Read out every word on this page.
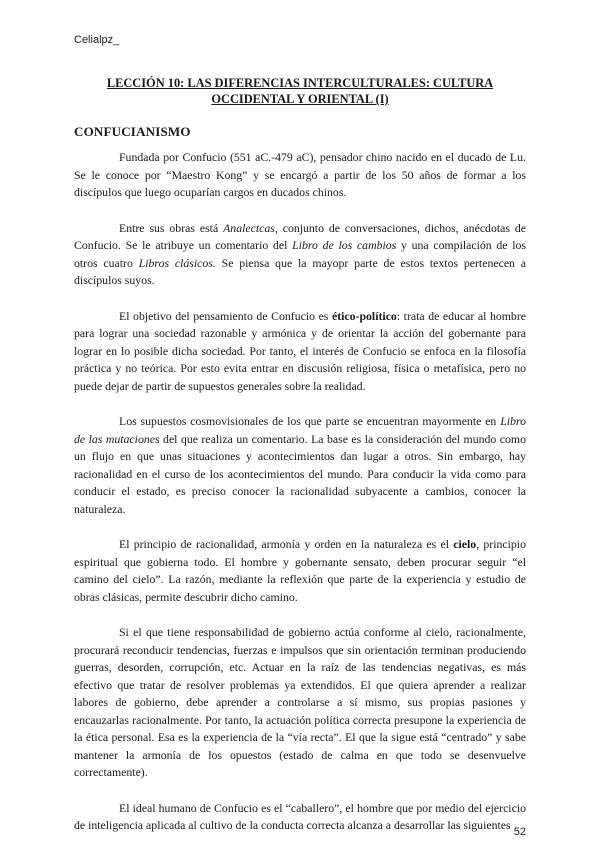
Celialpz_
LECCIÓN 10: LAS DIFERENCIAS INTERCULTURALES: CULTURA
OCCIDENTAL Y ORIENTAL (I)
CONFUCIANISMO

Fundada por Confucio (551 aC.-479 aC), pensador chino nacido en el ducado de Lu. Se le conoce por “Maestro Kong” y se encargó a partir de los 50 años de formar a los discípulos que luego ocuparían cargos en ducados chinos.

Entre sus obras está Analectcas, conjunto de conversaciones, dichos, anécdotas de Confucio. Se le atribuye un comentario del Libro de los cambios y una compilación de los otros cuatro Libros clásicos. Se piensa que la mayopr parte de estos textos pertenecen a discípulos suyos.

El objetivo del pensamiento de Confucio es ético-político: trata de educar al hombre para lograr una sociedad razonable y armónica y de orientar la acción del gobernante para lograr en lo posible dicha sociedad. Por tanto, el interés de Confucio se enfoca en la filosofía práctica y no teórica. Por esto evita entrar en discusión religiosa, física o metafísica, pero no puede dejar de partir de supuestos generales sobre la realidad.

Los supuestos cosmovisionales de los que parte se encuentran mayormente en Libro de las mutaciones del que realiza un comentario. La base es la consideración del mundo como un flujo en que unas situaciones y acontecimientos dan lugar a otros. Sin embargo, hay racionalidad en el curso de los acontecimientos del mundo. Para conducir la vida como para conducir el estado, es preciso conocer la racionalidad subyacente a cambios, conocer la naturaleza.

El principio de racionalidad, armonía y orden en la naturaleza es el cielo, principio espiritual que gobierna todo. El hombre y gobernante sensato, deben procurar seguir “el camino del cielo”. La razón, mediante la reflexión que parte de la experiencia y estudio de obras clásicas, permite descubrir dicho camino.

Si el que tiene responsabilidad de gobierno actúa conforme al cielo, racionalmente, procurará reconducir tendencias, fuerzas e impulsos que sin orientación terminan produciendo guerras, desorden, corrupción, etc. Actuar en la raíz de las tendencias negativas, es más efectivo que tratar de resolver problemas ya extendidos. El que quiera aprender a realizar labores de gobierno, debe aprender a controlarse a sí mismo, sus propias pasiones y encauzarlas racionalmente. Por tanto, la actuación política correcta presupone la experiencia de la ética personal. Esa es la experiencia de la “vía recta”. El que la sigue está “centrado” y sabe mantener la armonía de los opuestos (estado de calma en que todo se desenvuelve correctamente).

El ideal humano de Confucio es el “caballero”, el hombre que por medio del ejercicio de inteligencia aplicada al cultivo de la conducta correcta alcanza a desarrollar las siguientes 52
